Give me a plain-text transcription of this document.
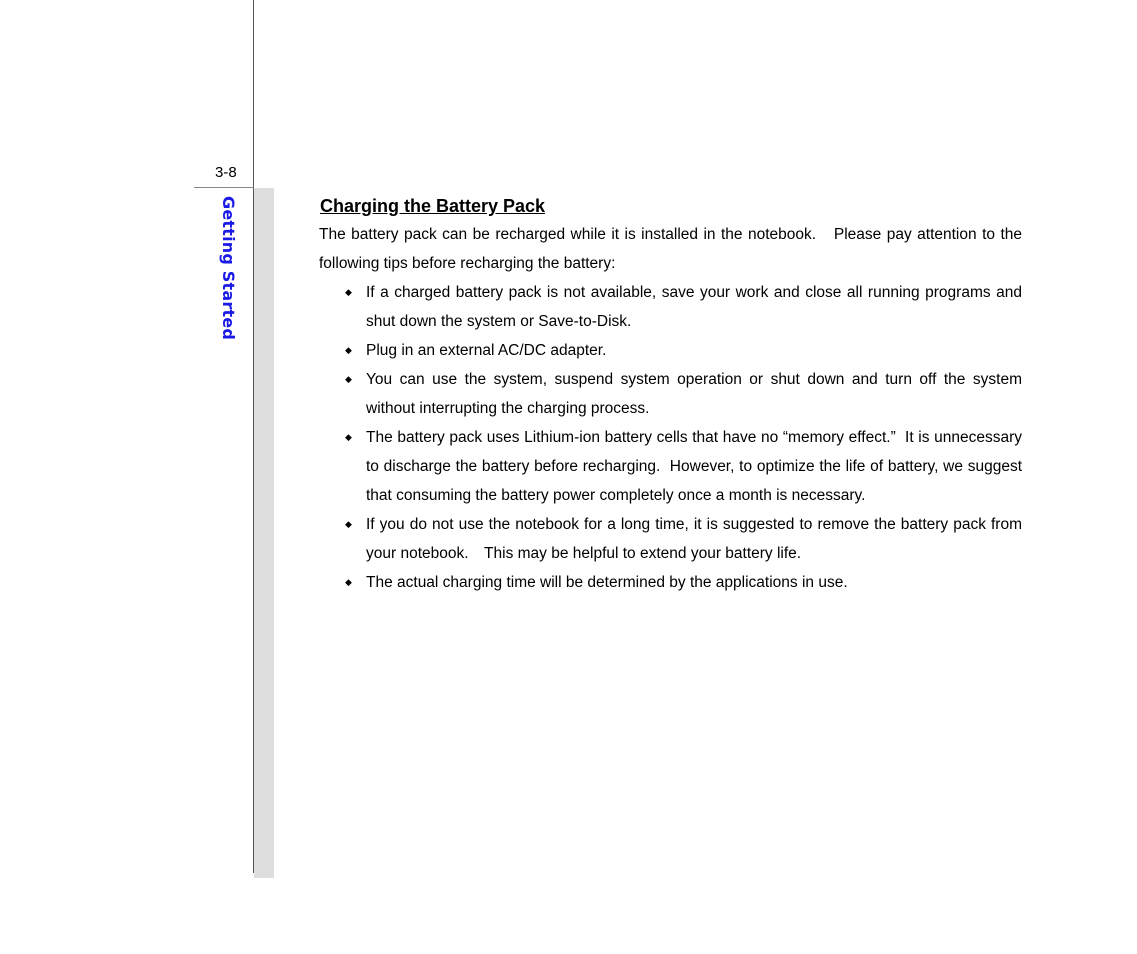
3-8
Getting Started	Charging the Battery Pack

The battery pack can be recharged while it is installed in the notebook.　Please pay attention to the following tips before recharging the battery:

◆ If a charged battery pack is not available, save your work and close all running programs and shut down the system or Save-to-Disk.
◆ Plug in an external AC/DC adapter.
◆ You can use the system, suspend system operation or shut down and turn off the system without interrupting the charging process.
◆ The battery pack uses Lithium-ion battery cells that have no “memory effect.”  It is unnecessary to discharge the battery before recharging.  However, to optimize the life of battery, we suggest that consuming the battery power completely once a month is necessary.
◆ If you do not use the notebook for a long time, it is suggested to remove the battery pack from your notebook.　This may be helpful to extend your battery life.
◆ The actual charging time will be determined by the applications in use.
